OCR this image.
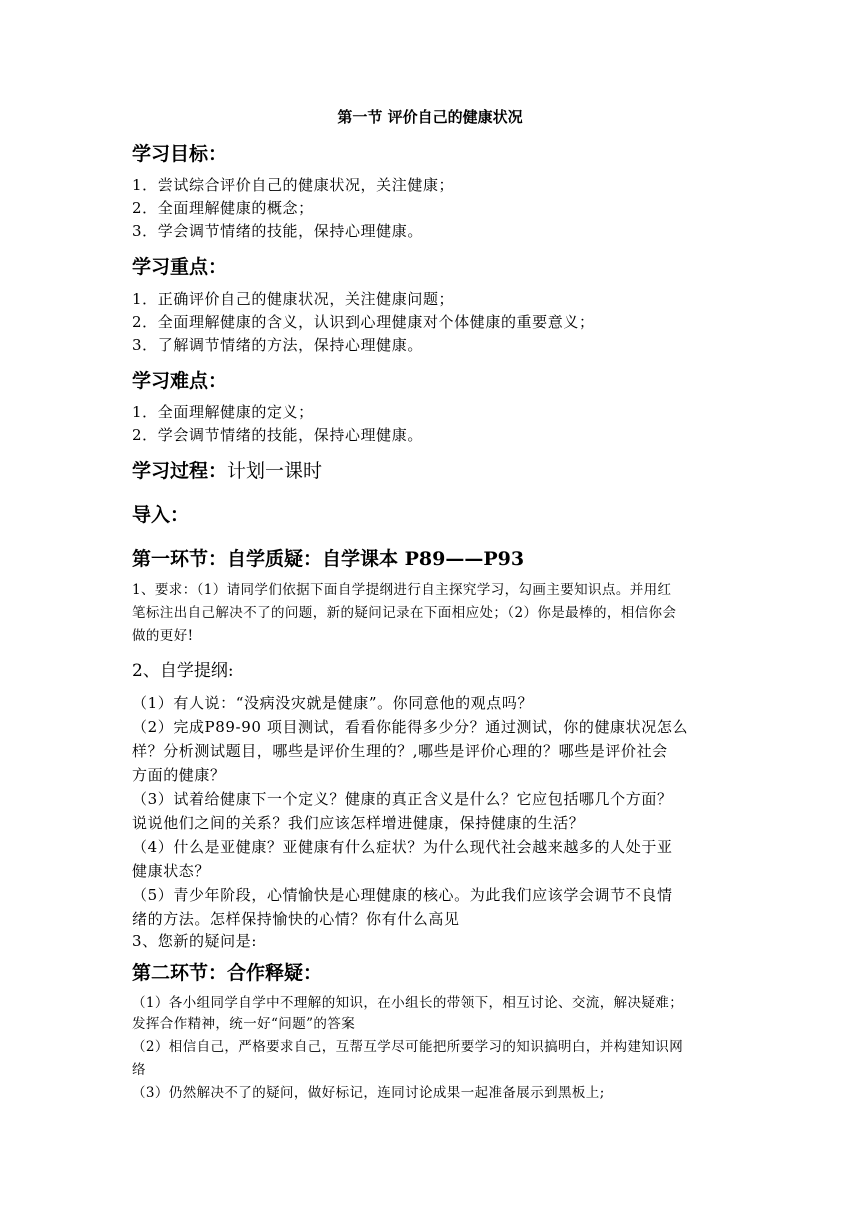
第一节 评价自己的健康状况
学习目标：
1．尝试综合评价自己的健康状况，关注健康；
2．全面理解健康的概念；
3．学会调节情绪的技能，保持心理健康。
学习重点：
1．正确评价自己的健康状况，关注健康问题；
2．全面理解健康的含义，认识到心理健康对个体健康的重要意义；
3．了解调节情绪的方法，保持心理健康。
学习难点：
1．全面理解健康的定义；
2．学会调节情绪的技能，保持心理健康。
学习过程：计划一课时
导入：
第一环节：自学质疑：自学课本 P89——P93
1、要求：（1）请同学们依据下面自学提纲进行自主探究学习，勾画主要知识点。并用红
笔标注出自己解决不了的问题，新的疑问记录在下面相应处；（2）你是最棒的，相信你会
做的更好!
2、自学提纲:
（1）有人说：“没病没灾就是健康”。你同意他的观点吗？
（2）完成P89-90 项目测试，看看你能得多少分？通过测试，你的健康状况怎么
样？分析测试题目，哪些是评价生理的？,哪些是评价心理的？哪些是评价社会
方面的健康？
（3）试着给健康下一个定义？健康的真正含义是什么？它应包括哪几个方面？
说说他们之间的关系？我们应该怎样增进健康，保持健康的生活？
（4）什么是亚健康？亚健康有什么症状？为什么现代社会越来越多的人处于亚
健康状态？
（5）青少年阶段，心情愉快是心理健康的核心。为此我们应该学会调节不良情
绪的方法。怎样保持愉快的心情？你有什么高见
3、您新的疑问是:
第二环节：合作释疑：
（1）各小组同学自学中不理解的知识，在小组长的带领下，相互讨论、交流，解决疑难；
发挥合作精神，统一好“问题”的答案
（2）相信自己，严格要求自己，互帮互学尽可能把所要学习的知识搞明白，并构建知识网
络
（3）仍然解决不了的疑问，做好标记，连同讨论成果一起准备展示到黑板上;
